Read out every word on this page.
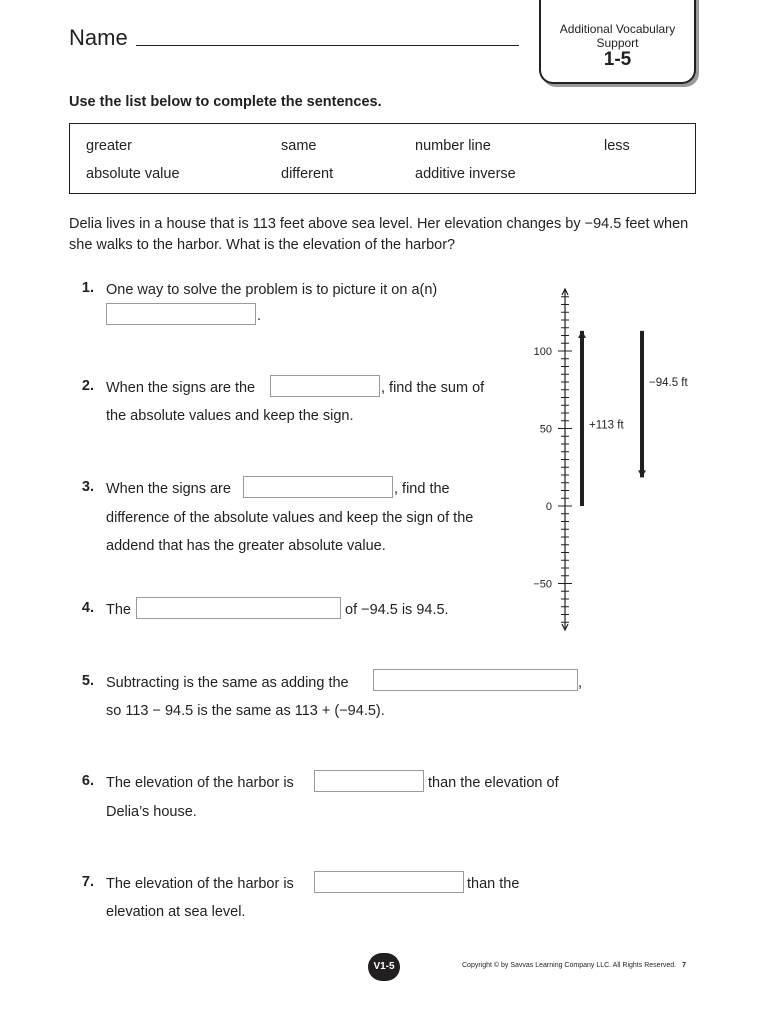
Name	Additional Vocabulary
Support
1-5
Use the list below to complete the sentences.
greater	same	number line	less
absolute value	different	additive inverse
Delia lives in a house that is 113 feet above sea level. Her elevation changes by −94.5 feet when she walks to the harbor. What is the elevation of the harbor?
1. One way to solve the problem is to picture it on a(n)
.
2. When the signs are the	, find the sum of
the absolute values and keep the sign.
3. When the signs are	, find the
difference of the absolute values and keep the sign of the
addend that has the greater absolute value.
4. The	of −94.5 is 94.5.
5. Subtracting is the same as adding the	,
so 113 − 94.5 is the same as 113 + (−94.5).
6. The elevation of the harbor is	than the elevation of
Delia’s house.
7. The elevation of the harbor is	than the
elevation at sea level.
100
50
0
−50
+113 ft
−94.5 ft
V1-5	Copyright © by Savvas Learning Company LLC. All Rights Reserved. 7
